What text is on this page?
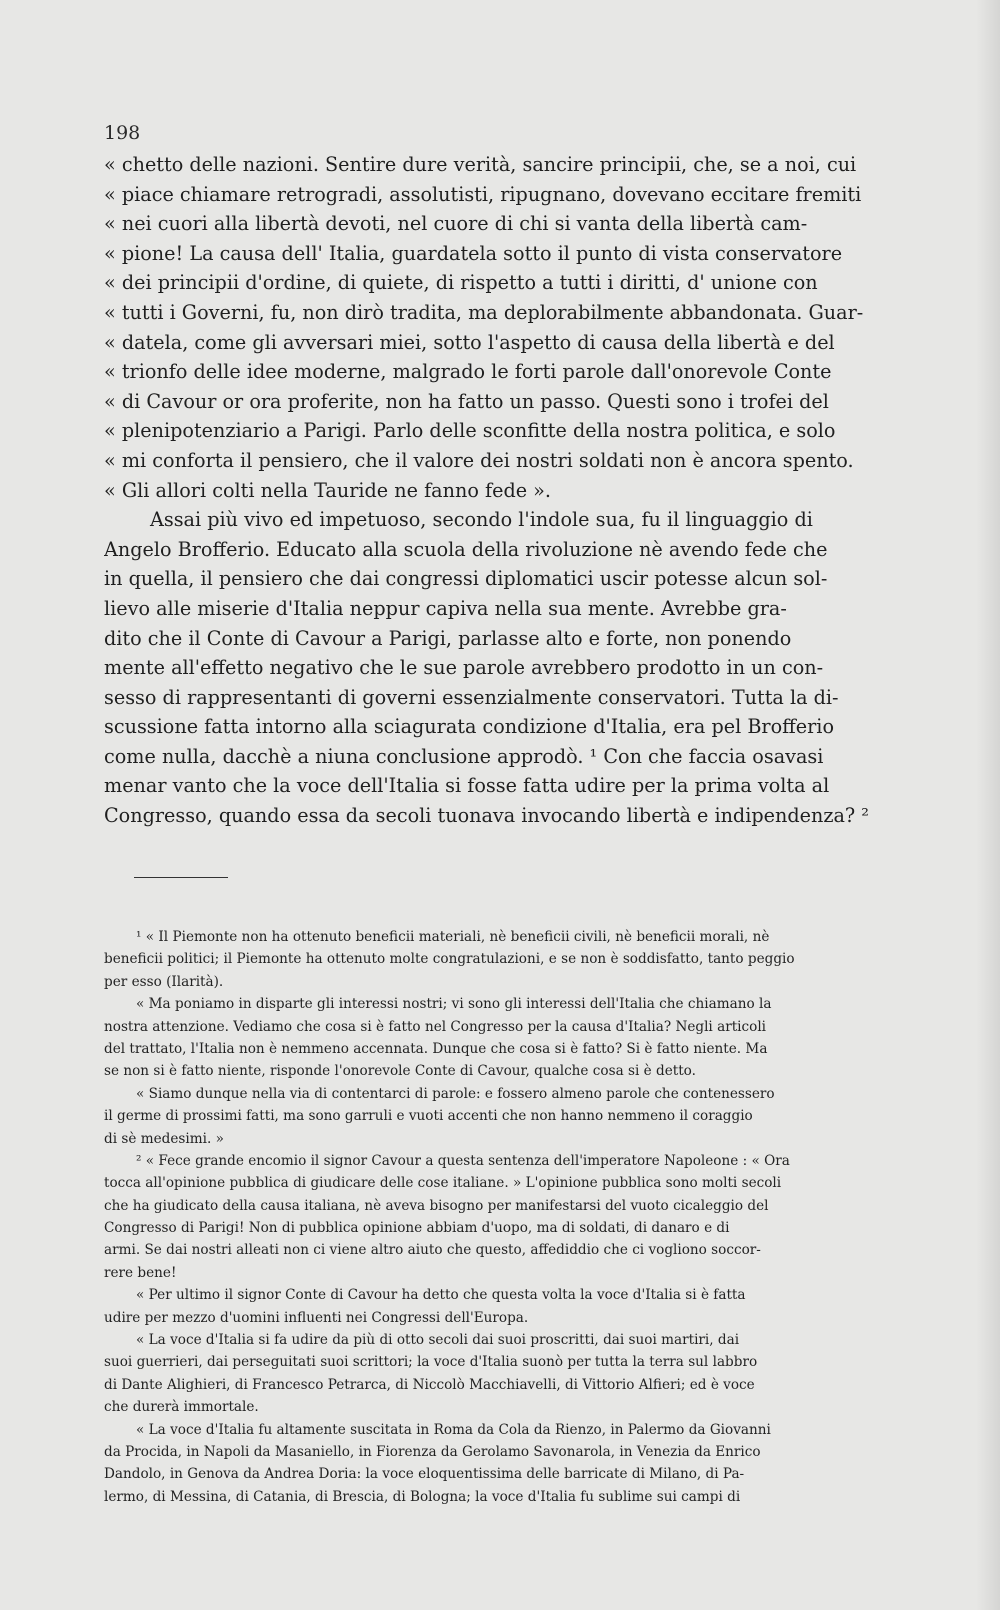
198
« chetto delle nazioni. Sentire dure verità, sancire principii, che, se a noi, cui
« piace chiamare retrogradi, assolutisti, ripugnano, dovevano eccitare fremiti
« nei cuori alla libertà devoti, nel cuore di chi si vanta della libertà cam-
« pione! La causa dell' Italia, guardatela sotto il punto di vista conservatore
« dei principii d'ordine, di quiete, di rispetto a tutti i diritti, d' unione con
« tutti i Governi, fu, non dirò tradita, ma deplorabilmente abbandonata. Guar-
« datela, come gli avversari miei, sotto l'aspetto di causa della libertà e del
« trionfo delle idee moderne, malgrado le forti parole dall'onorevole Conte
« di Cavour or ora proferite, non ha fatto un passo. Questi sono i trofei del
« plenipotenziario a Parigi. Parlo delle sconfitte della nostra politica, e solo
« mi conforta il pensiero, che il valore dei nostri soldati non è ancora spento.
« Gli allori colti nella Tauride ne fanno fede ».
Assai più vivo ed impetuoso, secondo l'indole sua, fu il linguaggio di
Angelo Brofferio. Educato alla scuola della rivoluzione nè avendo fede che
in quella, il pensiero che dai congressi diplomatici uscir potesse alcun sol-
lievo alle miserie d'Italia neppur capiva nella sua mente. Avrebbe gra-
dito che il Conte di Cavour a Parigi, parlasse alto e forte, non ponendo
mente all'effetto negativo che le sue parole avrebbero prodotto in un con-
sesso di rappresentanti di governi essenzialmente conservatori. Tutta la di-
scussione fatta intorno alla sciagurata condizione d'Italia, era pel Brofferio
come nulla, dacchè a niuna conclusione approdò. ¹ Con che faccia osavasi
menar vanto che la voce dell'Italia si fosse fatta udire per la prima volta al
Congresso, quando essa da secoli tuonava invocando libertà e indipendenza? ²
¹ « Il Piemonte non ha ottenuto beneficii materiali, nè beneficii civili, nè beneficii morali, nè
beneficii politici; il Piemonte ha ottenuto molte congratulazioni, e se non è soddisfatto, tanto peggio
per esso (Ilarità).
« Ma poniamo in disparte gli interessi nostri; vi sono gli interessi dell'Italia che chiamano la
nostra attenzione. Vediamo che cosa si è fatto nel Congresso per la causa d'Italia? Negli articoli
del trattato, l'Italia non è nemmeno accennata. Dunque che cosa si è fatto? Si è fatto niente. Ma
se non si è fatto niente, risponde l'onorevole Conte di Cavour, qualche cosa si è detto.
« Siamo dunque nella via di contentarci di parole: e fossero almeno parole che contenessero
il germe di prossimi fatti, ma sono garruli e vuoti accenti che non hanno nemmeno il coraggio
di sè medesimi. »
² « Fece grande encomio il signor Cavour a questa sentenza dell'imperatore Napoleone : « Ora
tocca all'opinione pubblica di giudicare delle cose italiane. » L'opinione pubblica sono molti secoli
che ha giudicato della causa italiana, nè aveva bisogno per manifestarsi del vuoto cicaleggio del
Congresso di Parigi! Non di pubblica opinione abbiam d'uopo, ma di soldati, di danaro e di
armi. Se dai nostri alleati non ci viene altro aiuto che questo, affediddio che ci vogliono soccor-
rere bene!
« Per ultimo il signor Conte di Cavour ha detto che questa volta la voce d'Italia si è fatta
udire per mezzo d'uomini influenti nei Congressi dell'Europa.
« La voce d'Italia si fa udire da più di otto secoli dai suoi proscritti, dai suoi martiri, dai
suoi guerrieri, dai perseguitati suoi scrittori; la voce d'Italia suonò per tutta la terra sul labbro
di Dante Alighieri, di Francesco Petrarca, di Niccolò Macchiavelli, di Vittorio Alfieri; ed è voce
che durerà immortale.
« La voce d'Italia fu altamente suscitata in Roma da Cola da Rienzo, in Palermo da Giovanni
da Procida, in Napoli da Masaniello, in Fiorenza da Gerolamo Savonarola, in Venezia da Enrico
Dandolo, in Genova da Andrea Doria: la voce eloquentissima delle barricate di Milano, di Pa-
lermo, di Messina, di Catania, di Brescia, di Bologna; la voce d'Italia fu sublime sui campi di
